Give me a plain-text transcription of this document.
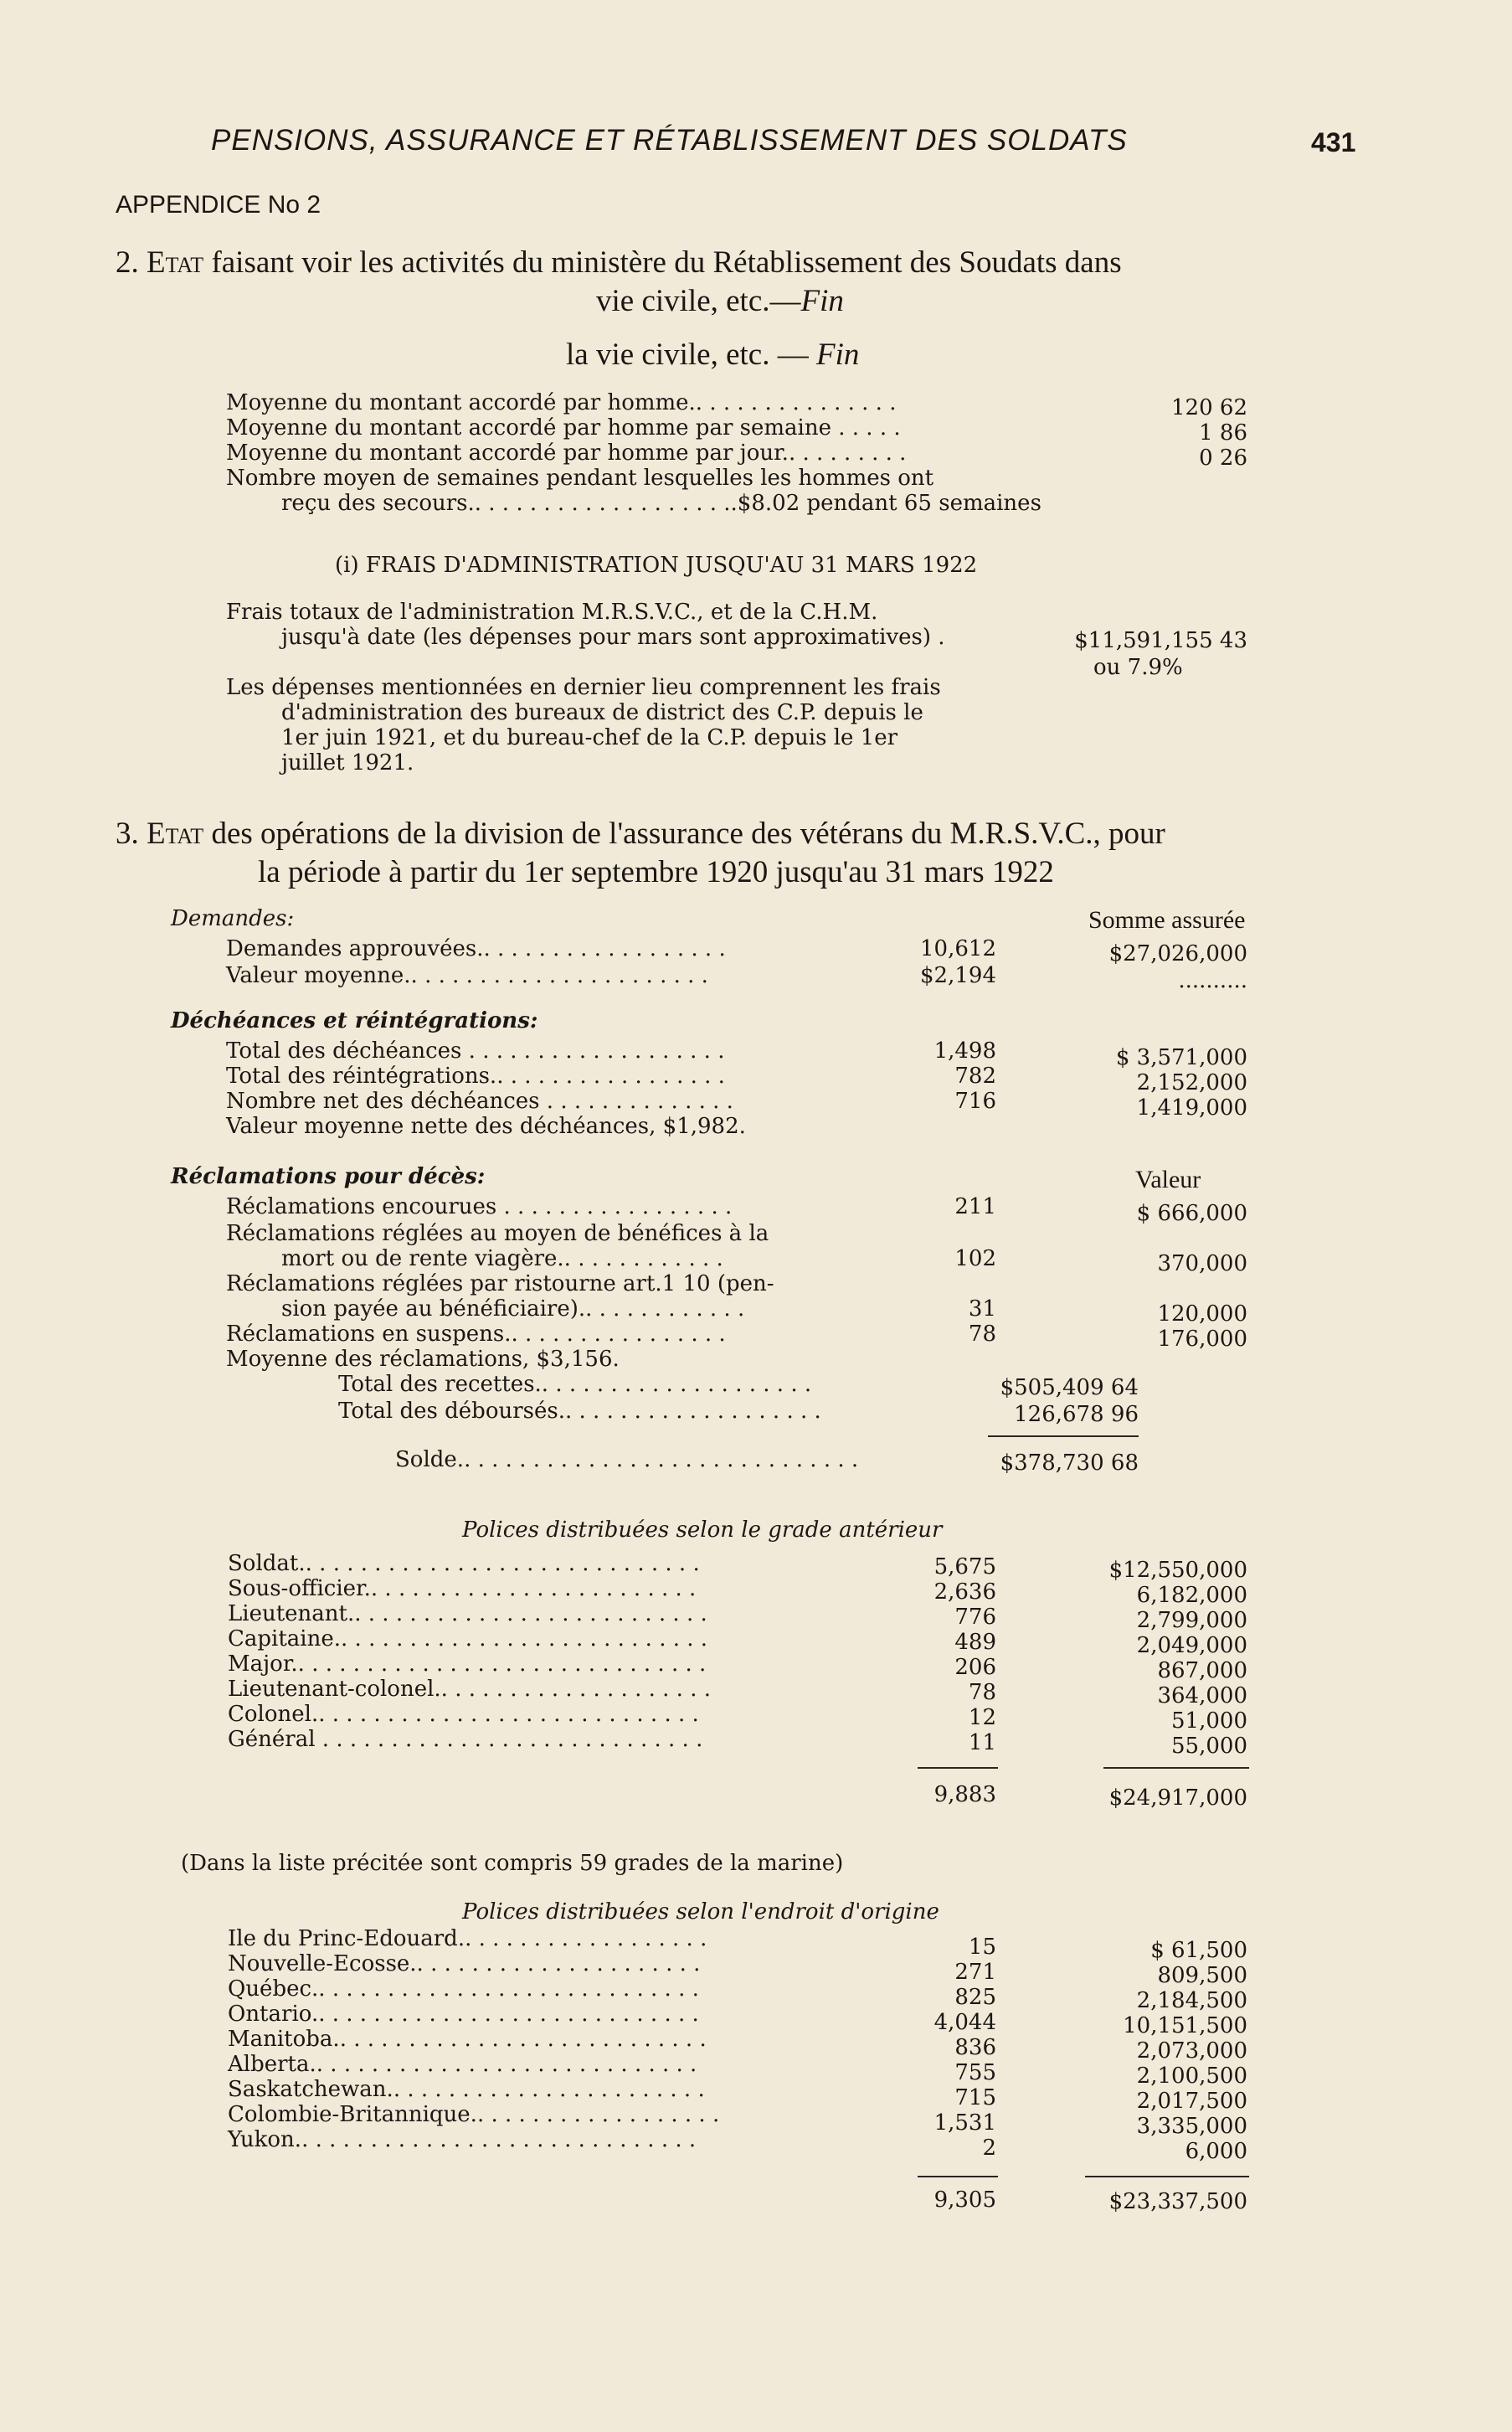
PENSIONS, ASSURANCE ET RÉTABLISSEMENT DES SOLDATS	431
APPENDICE No 2
2. Etat faisant voir les activités du ministère du Rétablissement des Soudats dans
vie civile, etc.—Fin
la vie civile, etc. — Fin
Moyenne du montant accordé par homme.. . . . . . . . . . . . . . .	120 62
Moyenne du montant accordé par homme par semaine . . . . .	1 86
Moyenne du montant accordé par homme par jour.. . . . . . . . .	0 26
Nombre moyen de semaines pendant lesquelles les hommes ont
reçu des secours.. . . . . . . . . . . . . . . . . . ..$8.02 pendant 65 semaines
(i) FRAIS D'ADMINISTRATION JUSQU'AU 31 MARS 1922
Frais totaux de l'administration M.R.S.V.C., et de la C.H.M.
jusqu'à date (les dépenses pour mars sont approximatives) .	$11,591,155 43
ou 7.9%
Les dépenses mentionnées en dernier lieu comprennent les frais
d'administration des bureaux de district des C.P. depuis le
1er juin 1921, et du bureau-chef de la C.P. depuis le 1er
juillet 1921.
3. Etat des opérations de la division de l'assurance des vétérans du M.R.S.V.C., pour
la période à partir du 1er septembre 1920 jusqu'au 31 mars 1922
Demandes:	Somme assurée
Demandes approuvées.. . . . . . . . . . . . . . . . . .	10,612	$27,026,000
Valeur moyenne.. . . . . . . . . . . . . . . . . . . . . .	$2,194	..........
Déchéances et réintégrations:
Total des déchéances . . . . . . . . . . . . . . . . . . .	1,498	$ 3,571,000
Total des réintégrations.. . . . . . . . . . . . . . . . .	782	2,152,000
Nombre net des déchéances . . . . . . . . . . . . . .	716	1,419,000
Valeur moyenne nette des déchéances, $1,982.
Réclamations pour décès:	Valeur
Réclamations encourues . . . . . . . . . . . . . . . . .	211	$ 666,000
Réclamations réglées au moyen de bénéfices à la
mort ou de rente viagère.. . . . . . . . . . . .	102	370,000
Réclamations réglées par ristourne art.1 10 (pen-
sion payée au bénéficiaire).. . . . . . . . . . . .	31	120,000
Réclamations en suspens.. . . . . . . . . . . . . . . .	78	176,000
Moyenne des réclamations, $3,156.
Total des recettes.. . . . . . . . . . . . . . . . . . . .	$505,409 64
Total des déboursés.. . . . . . . . . . . . . . . . . . .	126,678 96
Solde.. . . . . . . . . . . . . . . . . . . . . . . . . . . . .	$378,730 68
Polices distribuées selon le grade antérieur
Soldat.. . . . . . . . . . . . . . . . . . . . . . . . . . . . .	5,675	$12,550,000
Sous-officier.. . . . . . . . . . . . . . . . . . . . . . . .	2,636	6,182,000
Lieutenant.. . . . . . . . . . . . . . . . . . . . . . . . . .	776	2,799,000
Capitaine.. . . . . . . . . . . . . . . . . . . . . . . . . . .	489	2,049,000
Major.. . . . . . . . . . . . . . . . . . . . . . . . . . . . . .	206	867,000
Lieutenant-colonel.. . . . . . . . . . . . . . . . . . . .	78	364,000
Colonel.. . . . . . . . . . . . . . . . . . . . . . . . . . . .	12	51,000
Général . . . . . . . . . . . . . . . . . . . . . . . . . . . .	11	55,000
9,883	$24,917,000
(Dans la liste précitée sont compris 59 grades de la marine)
Polices distribuées selon l'endroit d'origine
Ile du Princ-Edouard.. . . . . . . . . . . . . . . . . .	15	$ 61,500
Nouvelle-Ecosse.. . . . . . . . . . . . . . . . . . . . .	271	809,500
Québec.. . . . . . . . . . . . . . . . . . . . . . . . . . . .	825	2,184,500
Ontario.. . . . . . . . . . . . . . . . . . . . . . . . . . . .	4,044	10,151,500
Manitoba.. . . . . . . . . . . . . . . . . . . . . . . . . . .	836	2,073,000
Alberta.. . . . . . . . . . . . . . . . . . . . . . . . . . . .	755	2,100,500
Saskatchewan.. . . . . . . . . . . . . . . . . . . . . . .	715	2,017,500
Colombie-Britannique.. . . . . . . . . . . . . . . . . .	1,531	3,335,000
Yukon.. . . . . . . . . . . . . . . . . . . . . . . . . . . . .	2	6,000
9,305	$23,337,500
